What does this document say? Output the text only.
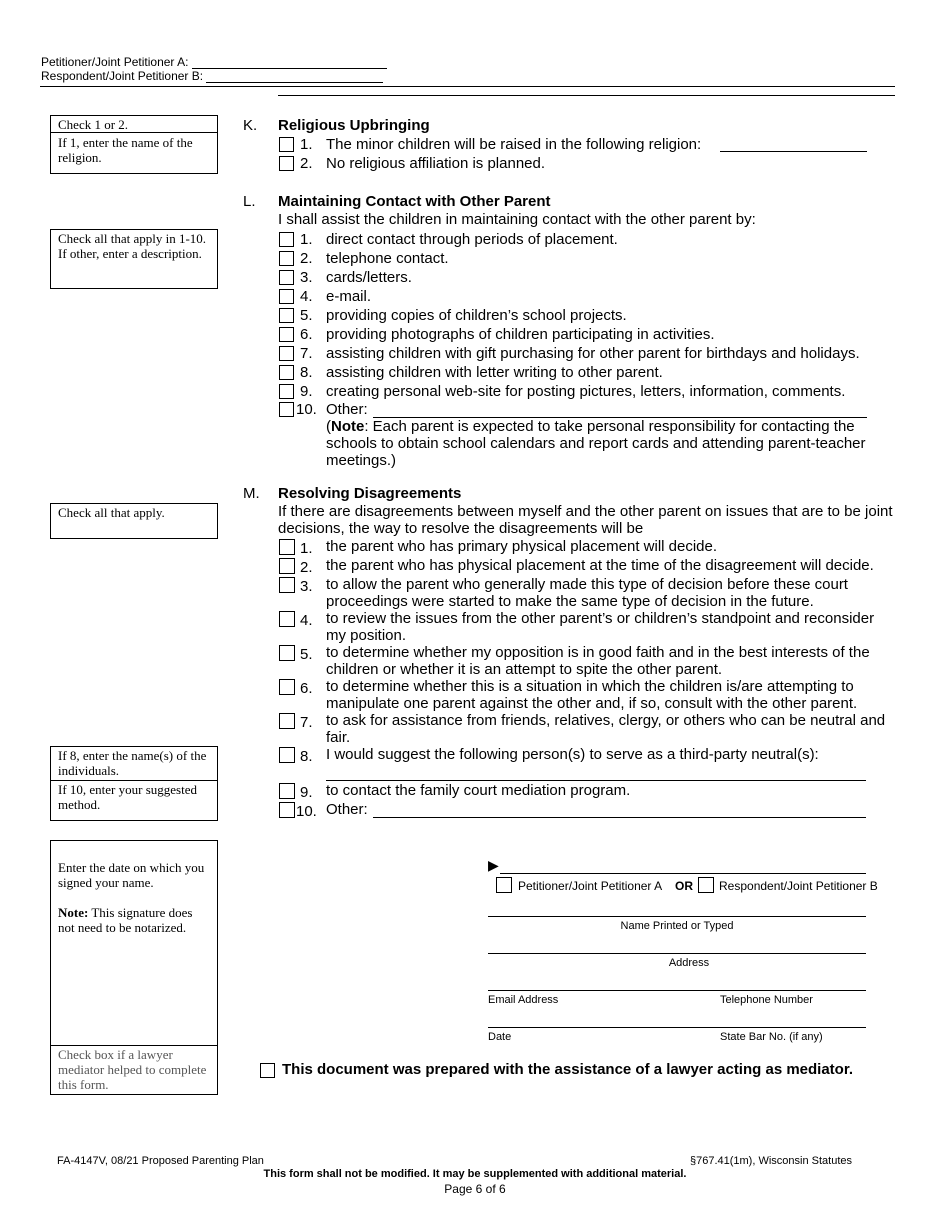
Petitioner/Joint Petitioner A:
Respondent/Joint Petitioner B:
Check 1 or 2.
If 1, enter the name of the religion.
Check all that apply in 1-10. If other, enter a description.
Check all that apply.
If 8, enter the name(s) of the individuals.
If 10, enter your suggested method.
Enter the date on which you signed your name.
Note: This signature does not need to be notarized.
Check box if a lawyer mediator helped to complete this form.
K. Religious Upbringing
1. The minor children will be raised in the following religion:
2. No religious affiliation is planned.
L. Maintaining Contact with Other Parent
I shall assist the children in maintaining contact with the other parent by:
1. direct contact through periods of placement.
2. telephone contact.
3. cards/letters.
4. e-mail.
5. providing copies of children’s school projects.
6. providing photographs of children participating in activities.
7. assisting children with gift purchasing for other parent for birthdays and holidays.
8. assisting children with letter writing to other parent.
9. creating personal web-site for posting pictures, letters, information, comments.
10. Other:
(Note: Each parent is expected to take personal responsibility for contacting the schools to obtain school calendars and report cards and attending parent-teacher meetings.)
M. Resolving Disagreements
If there are disagreements between myself and the other parent on issues that are to be joint decisions, the way to resolve the disagreements will be
1. the parent who has primary physical placement will decide.
2. the parent who has physical placement at the time of the disagreement will decide.
3. to allow the parent who generally made this type of decision before these court proceedings were started to make the same type of decision in the future.
4. to review the issues from the other parent’s or children’s standpoint and reconsider my position.
5. to determine whether my opposition is in good faith and in the best interests of the children or whether it is an attempt to spite the other parent.
6. to determine whether this is a situation in which the children is/are attempting to manipulate one parent against the other and, if so, consult with the other parent.
7. to ask for assistance from friends, relatives, clergy, or others who can be neutral and fair.
8. I would suggest the following person(s) to serve as a third-party neutral(s):
9. to contact the family court mediation program.
10. Other:
▶
Petitioner/Joint Petitioner A OR Respondent/Joint Petitioner B
Name Printed or Typed
Address
Email Address	Telephone Number
Date	State Bar No. (if any)
This document was prepared with the assistance of a lawyer acting as mediator.
FA-4147V, 08/21 Proposed Parenting Plan	§767.41(1m), Wisconsin Statutes
This form shall not be modified. It may be supplemented with additional material.
Page 6 of 6
